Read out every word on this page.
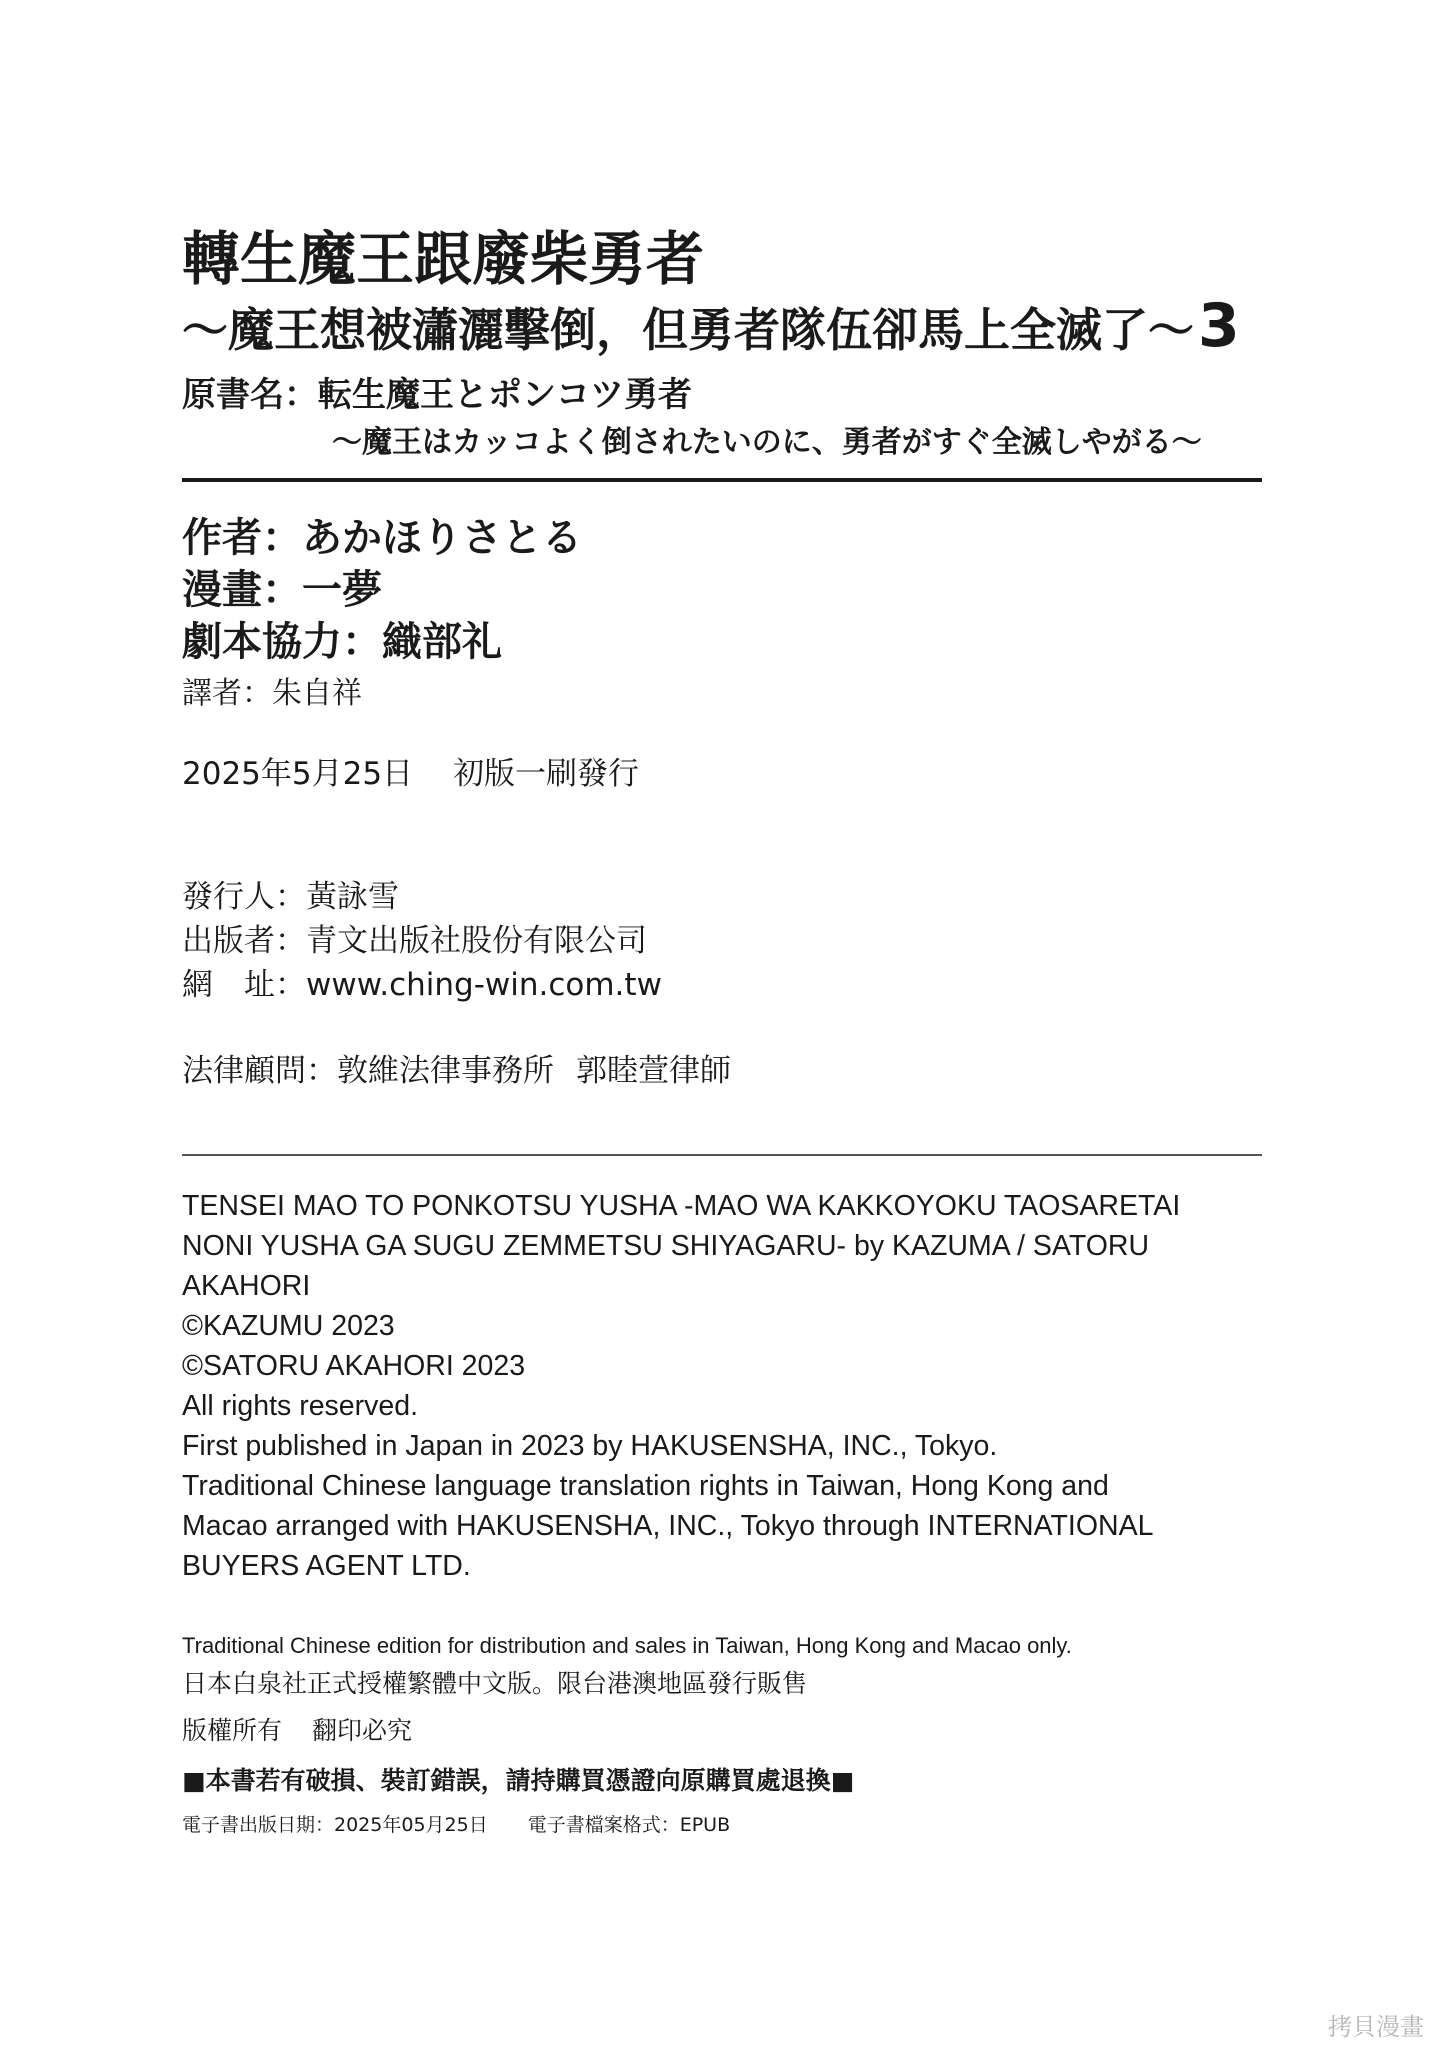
轉生魔王跟廢柴勇者
～魔王想被瀟灑擊倒，但勇者隊伍卻馬上全滅了～3
原書名：転生魔王とポンコツ勇者
～魔王はカッコよく倒されたいのに、勇者がすぐ全滅しやがる～
作者：あかほりさとる
漫畫：一夢
劇本協力：織部礼
譯者：朱自祥
2025年5月25日 初版一刷發行
發行人：黃詠雪
出版者：青文出版社股份有限公司
網　址：www.ching-win.com.tw
法律顧問：敦維法律事務所 郭睦萱律師
TENSEI MAO TO PONKOTSU YUSHA -MAO WA KAKKOYOKU TAOSARETAI
NONI YUSHA GA SUGU ZEMMETSU SHIYAGARU- by KAZUMA / SATORU
AKAHORI
©KAZUMU 2023
©SATORU AKAHORI 2023
All rights reserved.
First published in Japan in 2023 by HAKUSENSHA, INC., Tokyo.
Traditional Chinese language translation rights in Taiwan, Hong Kong and
Macao arranged with HAKUSENSHA, INC., Tokyo through INTERNATIONAL
BUYERS AGENT LTD.
Traditional Chinese edition for distribution and sales in Taiwan, Hong Kong and Macao only.
日本白泉社正式授權繁體中文版。限台港澳地區發行販售
版權所有 翻印必究
■本書若有破損、裝訂錯誤，請持購買憑證向原購買處退換■
電子書出版日期：2025年05月25日 電子書檔案格式：EPUB
拷貝漫畫
